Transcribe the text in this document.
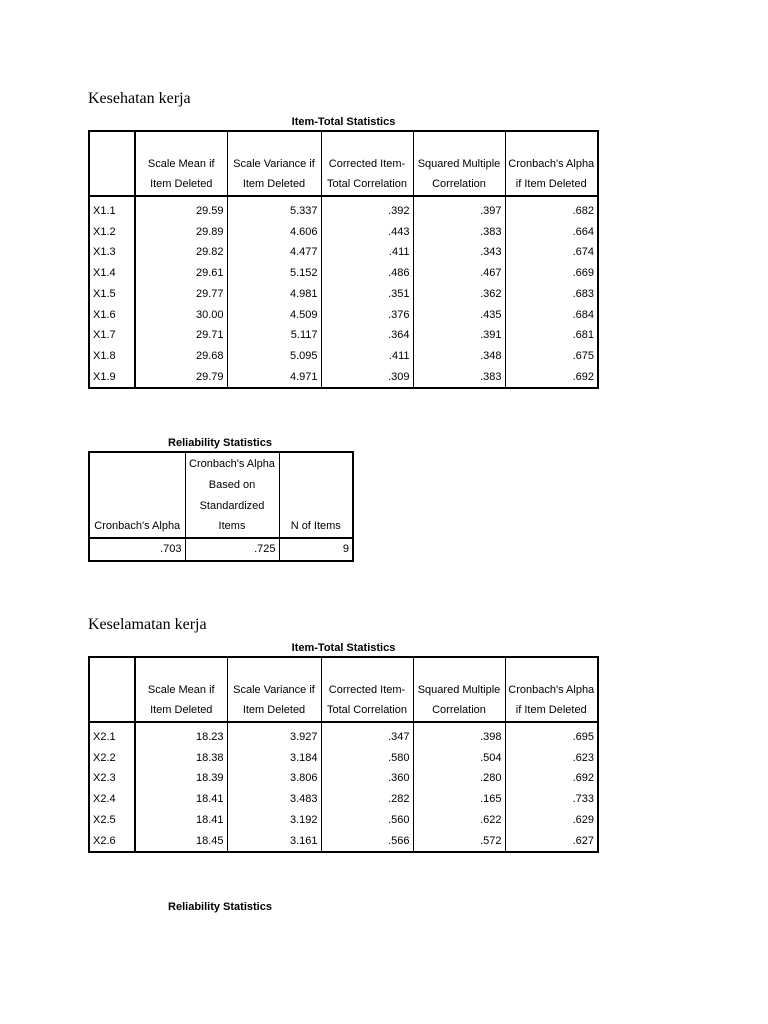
Kesehatan kerja
Item-Total Statistics
	Scale Mean if Item Deleted	Scale Variance if Item Deleted	Corrected Item-Total Correlation	Squared Multiple Correlation	Cronbach's Alpha if Item Deleted
X1.1	29.59	5.337	.392	.397	.682
X1.2	29.89	4.606	.443	.383	.664
X1.3	29.82	4.477	.411	.343	.674
X1.4	29.61	5.152	.486	.467	.669
X1.5	29.77	4.981	.351	.362	.683
X1.6	30.00	4.509	.376	.435	.684
X1.7	29.71	5.117	.364	.391	.681
X1.8	29.68	5.095	.411	.348	.675
X1.9	29.79	4.971	.309	.383	.692
Reliability Statistics
Cronbach's Alpha	Cronbach's Alpha Based on Standardized Items	N of Items
.703	.725	9
Keselamatan kerja
Item-Total Statistics
	Scale Mean if Item Deleted	Scale Variance if Item Deleted	Corrected Item-Total Correlation	Squared Multiple Correlation	Cronbach's Alpha if Item Deleted
X2.1	18.23	3.927	.347	.398	.695
X2.2	18.38	3.184	.580	.504	.623
X2.3	18.39	3.806	.360	.280	.692
X2.4	18.41	3.483	.282	.165	.733
X2.5	18.41	3.192	.560	.622	.629
X2.6	18.45	3.161	.566	.572	.627
Reliability Statistics
